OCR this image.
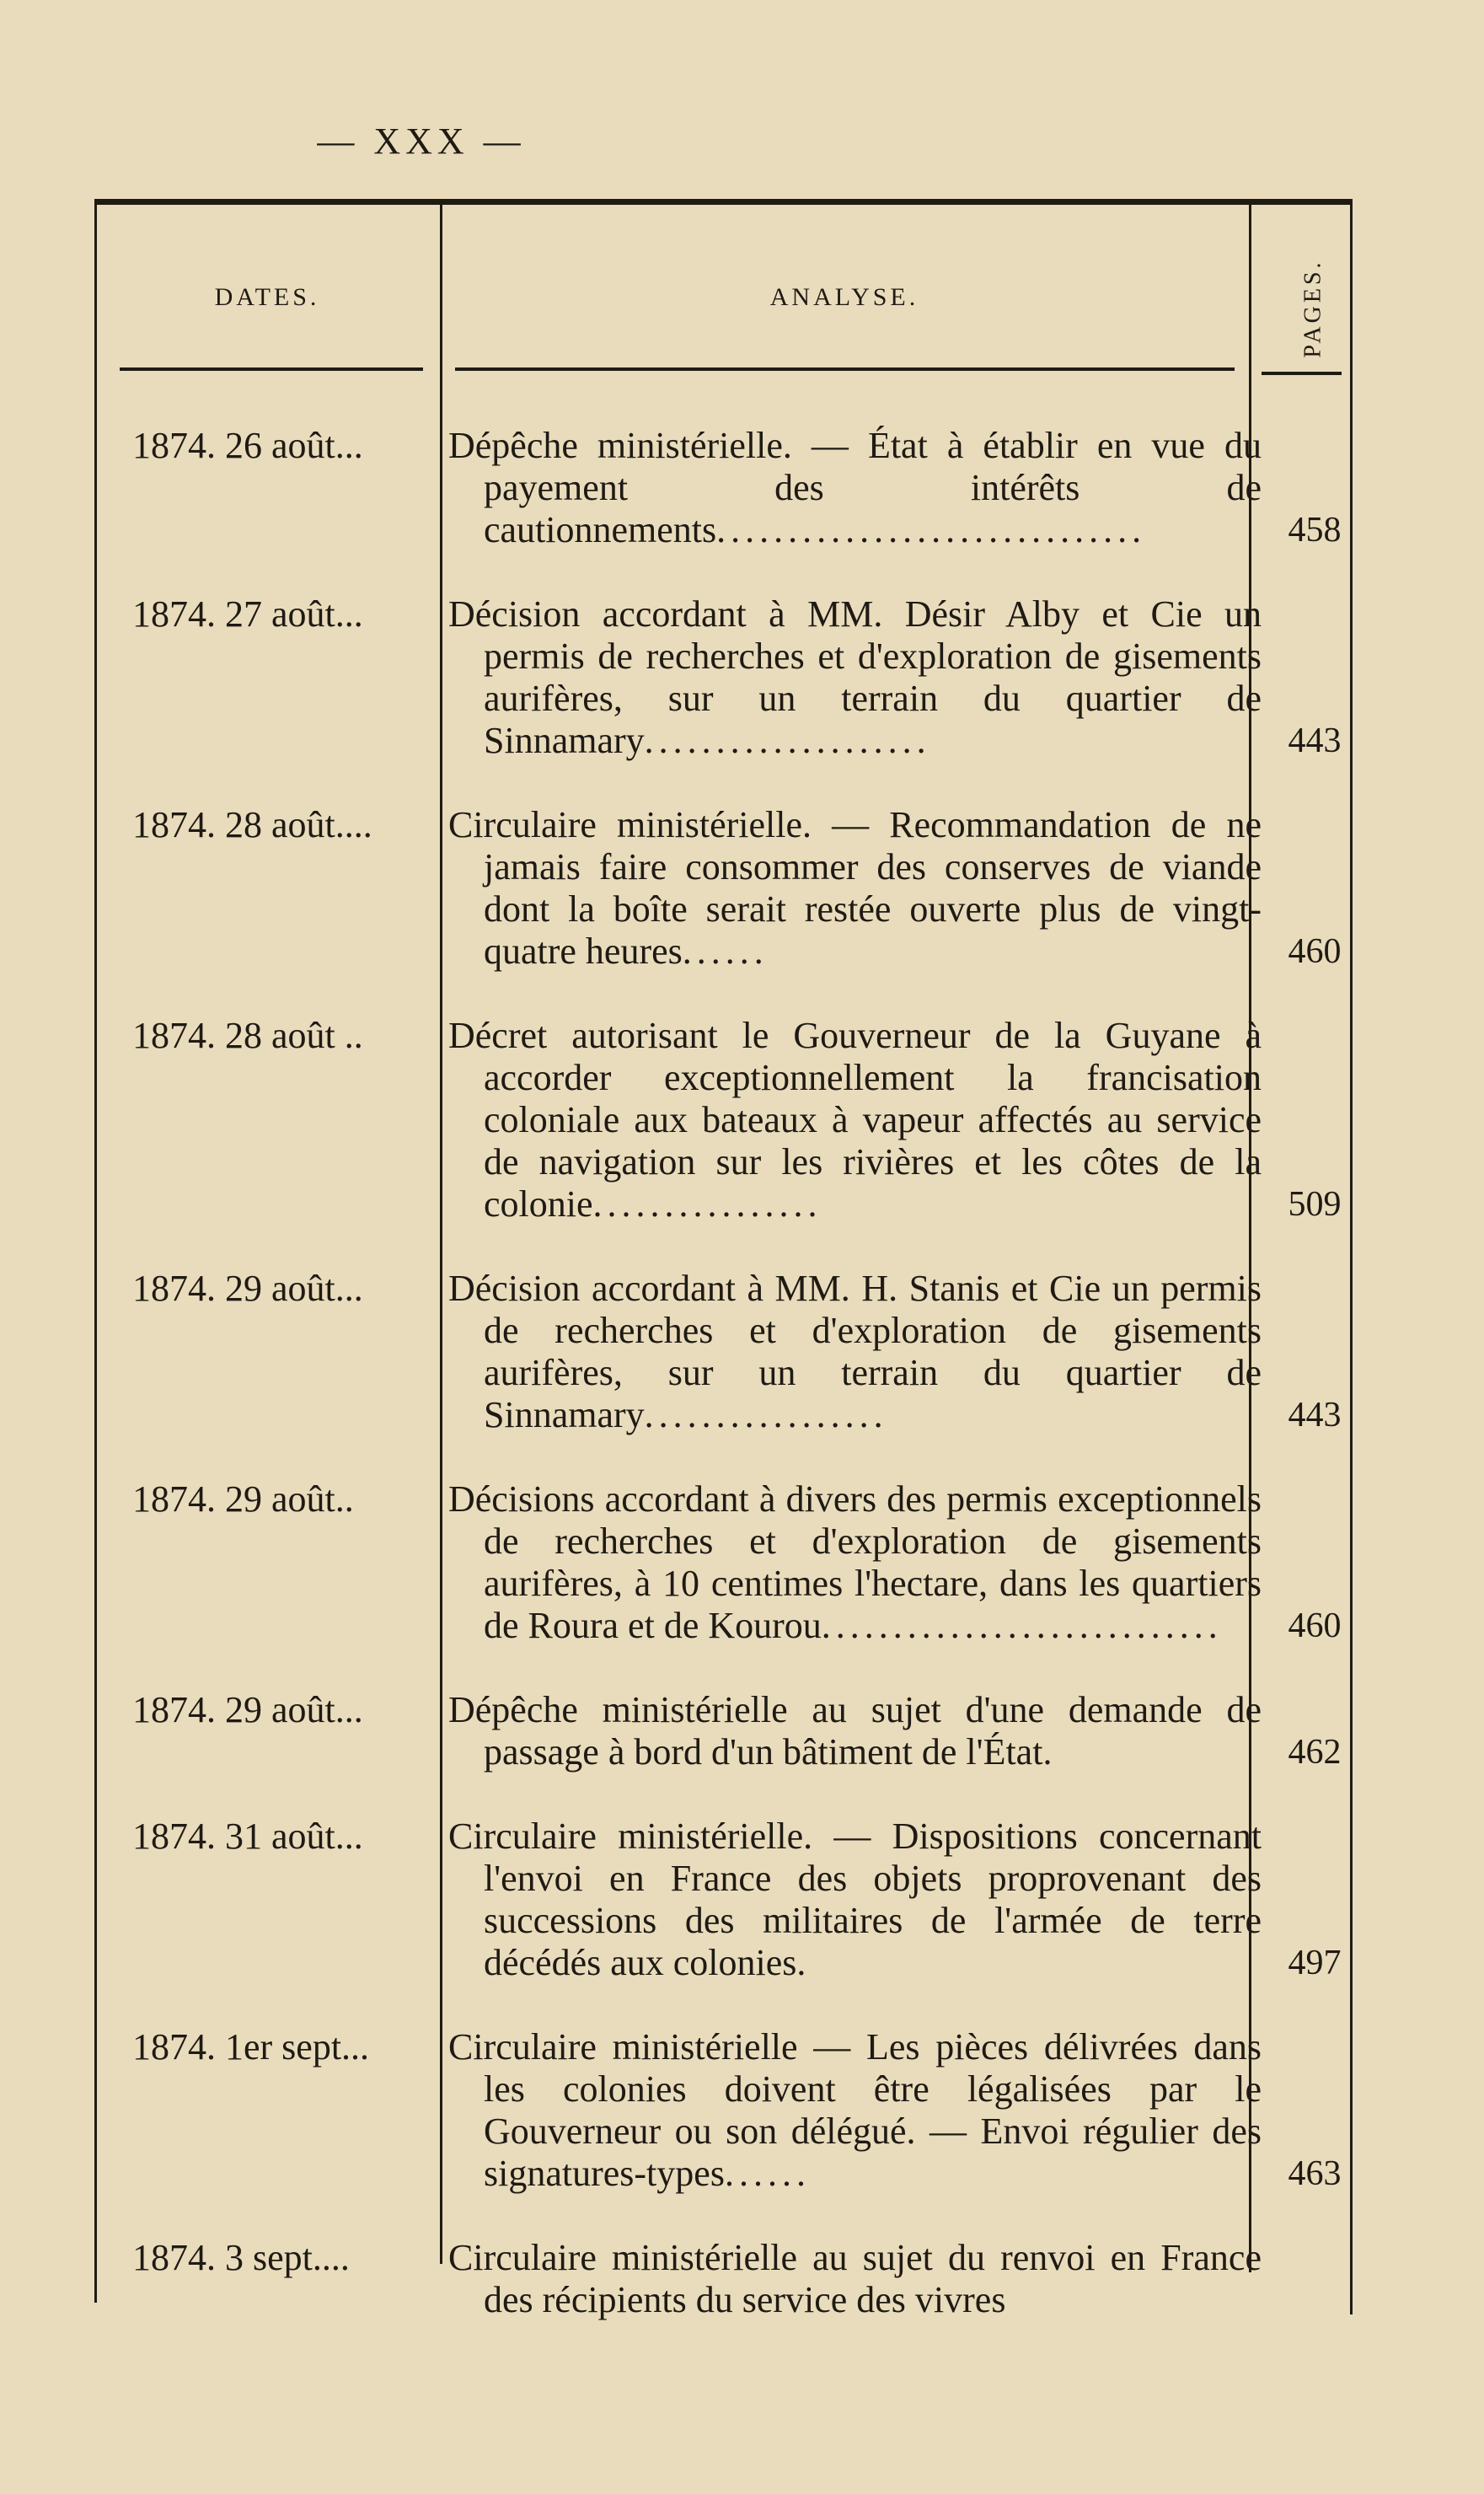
— XXX —
DATES.	ANALYSE.	PAGES.
1874. 26 août...	Dépêche ministérielle. — État à établir en vue du payement des intérêts de cautionnements..............................	458
1874. 27 août...	Décision accordant à MM. Désir Alby et Cie un permis de recherches et d'exploration de gisements aurifères, sur un terrain du quartier de Sinnamary....................	443
1874. 28 août....	Circulaire ministérielle. — Recommandation de ne jamais faire consommer des conserves de viande dont la boîte serait restée ouverte plus de vingt-quatre heures......	460
1874. 28 août ..	Décret autorisant le Gouverneur de la Guyane à accorder exceptionnellement la francisation coloniale aux bateaux à vapeur affectés au service de navigation sur les rivières et les côtes de la colonie................	509
1874. 29 août...	Décision accordant à MM. H. Stanis et Cie un permis de recherches et d'exploration de gisements aurifères, sur un terrain du quartier de Sinnamary.................	443
1874. 29 août..	Décisions accordant à divers des permis exceptionnels de recherches et d'exploration de gisements aurifères, à 10 centimes l'hectare, dans les quartiers de Roura et de Kourou............................	460
1874. 29 août...	Dépêche ministérielle au sujet d'une demande de passage à bord d'un bâtiment de l'État.	462
1874. 31 août...	Circulaire ministérielle. — Dispositions concernant l'envoi en France des objets proprovenant des successions des militaires de l'armée de terre décédés aux colonies.	497
1874. 1er sept...	Circulaire ministérielle — Les pièces délivrées dans les colonies doivent être légalisées par le Gouverneur ou son délégué. — Envoi régulier des signatures-types......	463
1874. 3 sept....	Circulaire ministérielle au sujet du renvoi en France des récipients du service des vivres
